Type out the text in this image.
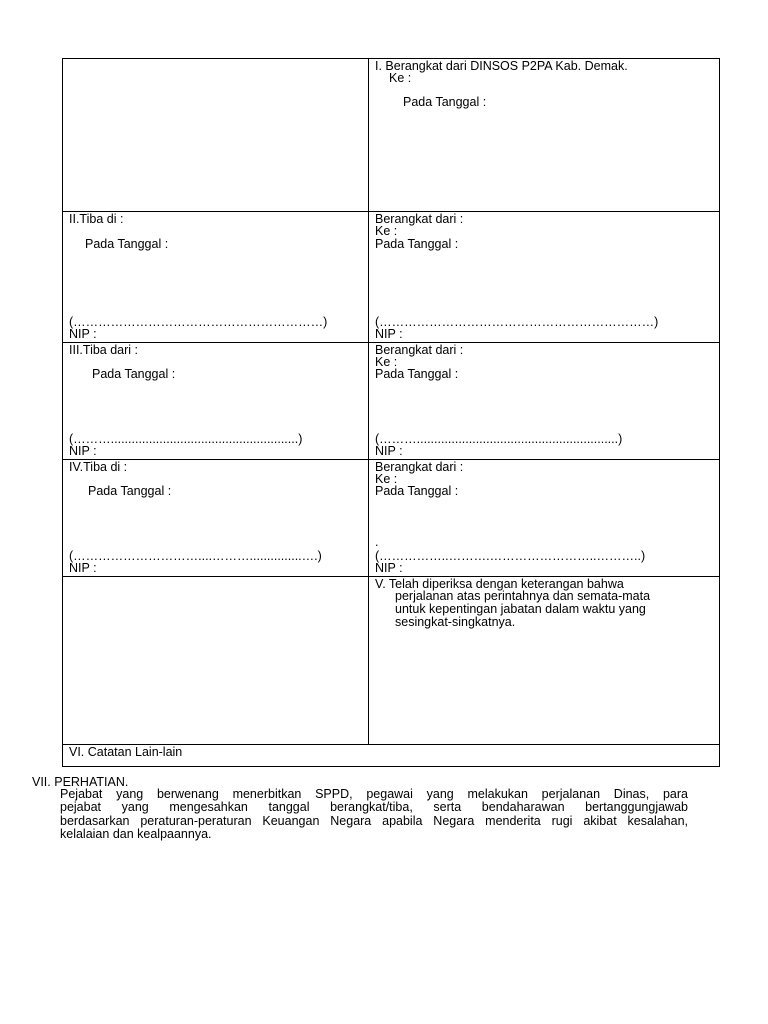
I. Berangkat dari DINSOS P2PA Kab. Demak.
Ke :
Pada Tanggal :
II.Tiba di :
Pada Tanggal :
(……………………………………………………)
NIP :
Berangkat dari :
Ke :
Pada Tanggal :
(…………………………………………………………)
NIP :
III.Tiba dari :
Pada Tanggal :
(………......................................................)
NIP :
Berangkat dari :
Ke :
Pada Tanggal :
(………..........................................................)
NIP :
IV.Tiba di :
Pada Tanggal :
(…………………………....………...............….)
NIP :
Berangkat dari :
Ke :
Pada Tanggal :
.
(……………..……….……………………..………..)
NIP :
V. Telah diperiksa dengan keterangan bahwa
perjalanan atas perintahnya dan semata-mata
untuk kepentingan jabatan dalam waktu yang
sesingkat-singkatnya.
VI. Catatan Lain-lain
VII. PERHATIAN.
Pejabat yang berwenang menerbitkan SPPD, pegawai yang melakukan perjalanan Dinas, para
pejabat yang mengesahkan tanggal berangkat/tiba, serta bendaharawan bertanggungjawab
berdasarkan peraturan-peraturan Keuangan Negara apabila Negara menderita rugi akibat kesalahan,
kelalaian dan kealpaannya.
